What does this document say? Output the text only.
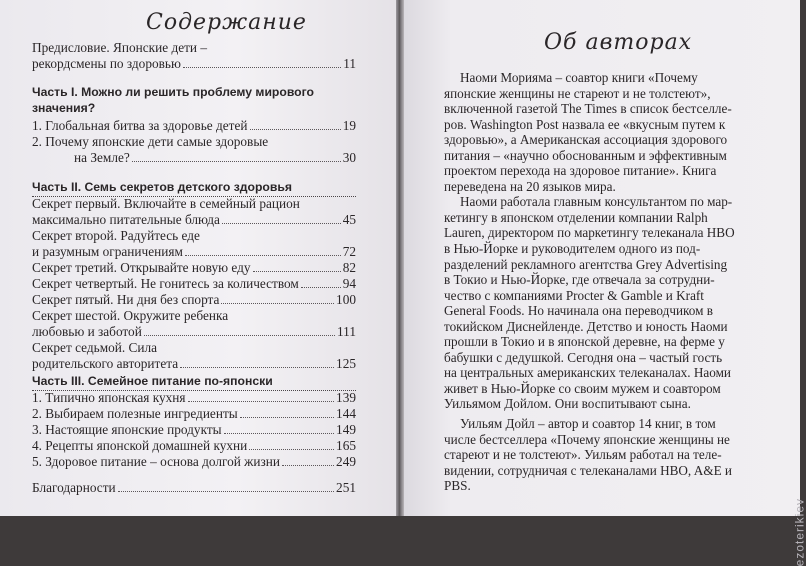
Содержание
Предисловие. Японские дети –
рекордсмены по здоровью	11
Часть I. Можно ли решить проблему мирового
значения?
1. Глобальная битва за здоровье детей	19
2. Почему японские дети самые здоровые
на Земле?	30
Часть II. Семь секретов детского здоровья
Секрет первый. Включайте в семейный рацион
максимально питательные блюда	45
Секрет второй. Радуйтесь еде
и разумным ограничениям	72
Секрет третий. Открывайте новую еду	82
Секрет четвертый. Не гонитесь за количеством	94
Секрет пятый. Ни дня без спорта	100
Секрет шестой. Окружите ребенка
любовью и заботой	111
Секрет седьмой. Сила
родительского авторитета	125
Часть III. Семейное питание по-японски
1. Типично японская кухня	139
2. Выбираем полезные ингредиенты	144
3. Настоящие японские продукты	149
4. Рецепты японской домашней кухни	165
5. Здоровое питание – основа долгой жизни	249
Благодарности	251
Об авторах
Наоми Морияма – соавтор книги «Почему
японские женщины не стареют и не толстеют»,
включенной газетой The Times в список бестселле-
ров. Washington Post назвала ее «вкусным путем к
здоровью», а Американская ассоциация здорового
питания – «научно обоснованным и эффективным
проектом перехода на здоровое питание». Книга
переведена на 20 языков мира.
Наоми работала главным консультантом по мар-
кетингу в японском отделении компании Ralph
Lauren, директором по маркетингу телеканала HBO
в Нью-Йорке и руководителем одного из под-
разделений рекламного агентства Grey Advertising
в Токио и Нью-Йорке, где отвечала за сотрудни-
чество с компаниями Procter & Gamble и Kraft
General Foods. Но начинала она переводчиком в
токийском Диснейленде. Детство и юность Наоми
прошли в Токио и в японской деревне, на ферме у
бабушки с дедушкой. Сегодня она – частый гость
на центральных американских телеканалах. Наоми
живет в Нью-Йорке со своим мужем и соавтором
Уильямом Дойлом. Они воспитывают сына.
Уильям Дойл – автор и соавтор 14 книг, в том
числе бестселлера «Почему японские женщины не
стареют и не толстеют». Уильям работал на теле-
видении, сотрудничая с телеканалами HBO, A&E и
PBS.
ezoterikiev
